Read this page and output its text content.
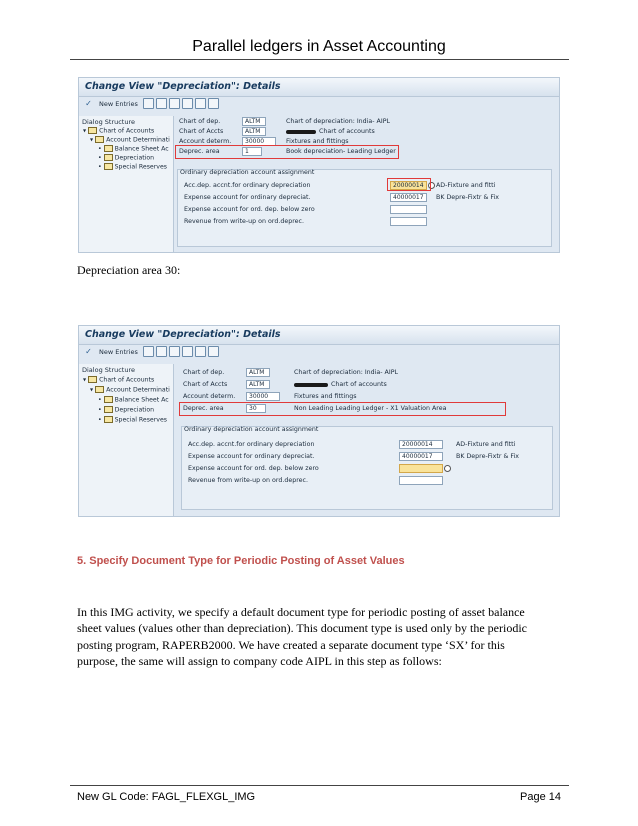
Parallel ledgers in Asset Accounting
Change View "Depreciation": Details
✓ New Entries
Dialog Structure
▾ Chart of Accounts
▾ Account Determinati
• Balance Sheet Ac
• Depreciation
• Special Reserves
Chart of dep.	ALTM	Chart of depreciation: India- AIPL
Chart of Accts	ALTM	Chart of accounts
Account determ.	30000	Fixtures and fittings
Deprec. area	1	Book depreciation- Leading Ledger
Ordinary depreciation account assignment
Acc.dep. accnt.for ordinary depreciation	20000014	AD-Fixture and fitti
Expense account for ordinary depreciat.	40000017	BK Depre-Fixtr & Fix
Expense account for ord. dep. below zero
Revenue from write-up on ord.deprec.
Depreciation area 30:
Change View "Depreciation": Details
✓ New Entries
Dialog Structure
▾ Chart of Accounts
▾ Account Determinati
• Balance Sheet Ac
• Depreciation
• Special Reserves
Chart of dep.	ALTM	Chart of depreciation: India- AIPL
Chart of Accts	ALTM	Chart of accounts
Account determ.	30000	Fixtures and fittings
Deprec. area	30	Non Leading Leading Ledger - X1 Valuation Area
Ordinary depreciation account assignment
Acc.dep. accnt.for ordinary depreciation	20000014	AD-Fixture and fitti
Expense account for ordinary depreciat.	40000017	BK Depre-Fixtr & Fix
Expense account for ord. dep. below zero
Revenue from write-up on ord.deprec.
5. Specify Document Type for Periodic Posting of Asset Values
In this IMG activity, we specify a default document type for periodic posting of asset balance
sheet values (values other than depreciation). This document type is used only by the periodic
posting program, RAPERB2000. We have created a separate document type ‘SX’ for this
purpose, the same will assign to company code AIPL in this step as follows:
New GL Code: FAGL_FLEXGL_IMG	Page 14
